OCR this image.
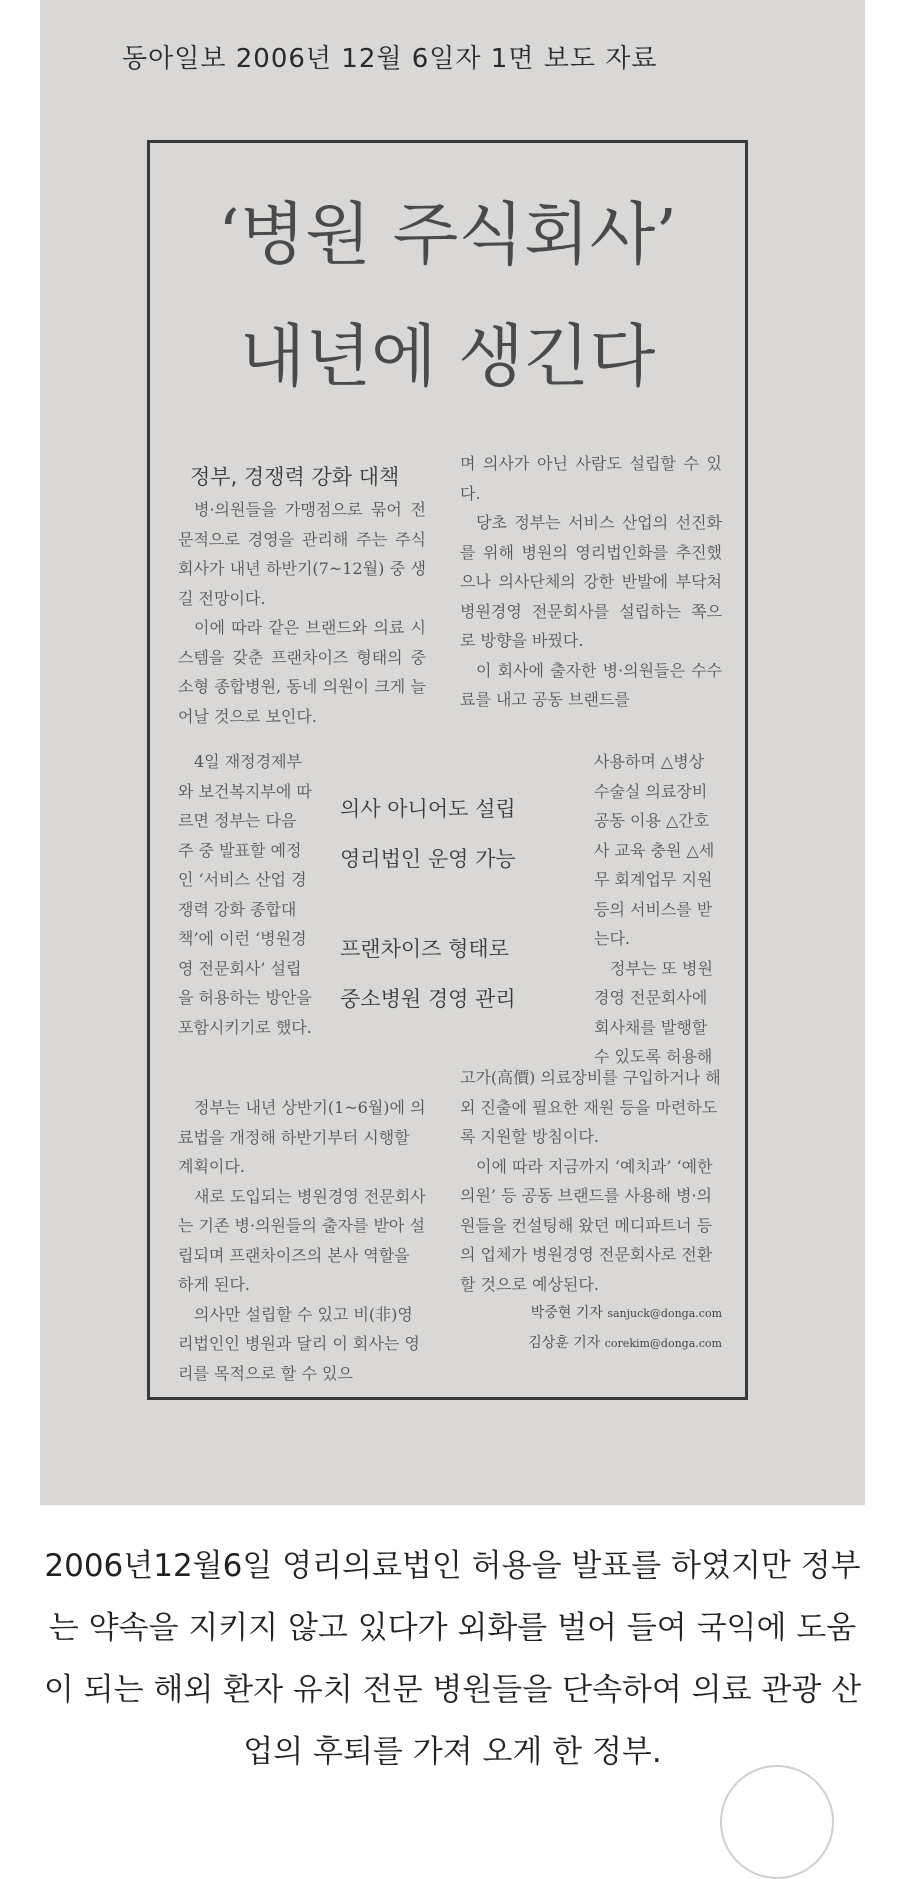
동아일보 2006년 12월 6일자 1면 보도 자료
‘병원 주식회사’
내년에 생긴다
정부, 경쟁력 강화 대책

병·의원들을 가맹점으로 묶어 전문적으로 경영을 관리해 주는 주식회사가 내년 하반기(7~12월) 중 생길 전망이다.

이에 따라 같은 브랜드와 의료 시스템을 갖춘 프랜차이즈 형태의 중소형 종합병원, 동네 의원이 크게 늘어날 것으로 보인다.

며 의사가 아닌 사람도 설립할 수 있다.

당초 정부는 서비스 산업의 선진화를 위해 병원의 영리법인화를 추진했으나 의사단체의 강한 반발에 부닥쳐 병원경영 전문회사를 설립하는 쪽으로 방향을 바꿨다.

이 회사에 출자한 병·의원들은 수수료를 내고 공동 브랜드를

4일 재정경제부와 보건복지부에 따르면 정부는 다음 주 중 발표할 예정인 ‘서비스 산업 경쟁력 강화 종합대책’에 이런 ‘병원경영 전문회사’ 설립을 허용하는 방안을 포함시키기로 했다.

의사 아니어도 설립
영리법인 운영 가능
프랜차이즈 형태로
중소병원 경영 관리

사용하며 △병상 수술실 의료장비 공동 이용 △간호사 교육 충원 △세무 회계업무 지원 등의 서비스를 받는다.

정부는 또 병원경영 전문회사에 회사채를 발행할 수 있도록 허용해

정부는 내년 상반기(1~6월)에 의료법을 개정해 하반기부터 시행할 계획이다.

새로 도입되는 병원경영 전문회사는 기존 병·의원들의 출자를 받아 설립되며 프랜차이즈의 본사 역할을 하게 된다.

의사만 설립할 수 있고 비(非)영리법인인 병원과 달리 이 회사는 영리를 목적으로 할 수 있으

고가(高價) 의료장비를 구입하거나 해외 진출에 필요한 재원 등을 마련하도록 지원할 방침이다.

이에 따라 지금까지 ‘예치과’ ‘예한의원’ 등 공동 브랜드를 사용해 병·의원들을 컨설팅해 왔던 메디파트너 등의 업체가 병원경영 전문회사로 전환할 것으로 예상된다.

박중현 기자 sanjuck@donga.com
김상훈 기자 corekim@donga.com
2006년12월6일 영리의료법인 허용을 발표를 하였지만 정부는 약속을 지키지 않고 있다가 외화를 벌어 들여 국익에 도움이 되는 해외 환자 유치 전문 병원들을 단속하여 의료 관광 산업의 후퇴를 가져 오게 한 정부.
